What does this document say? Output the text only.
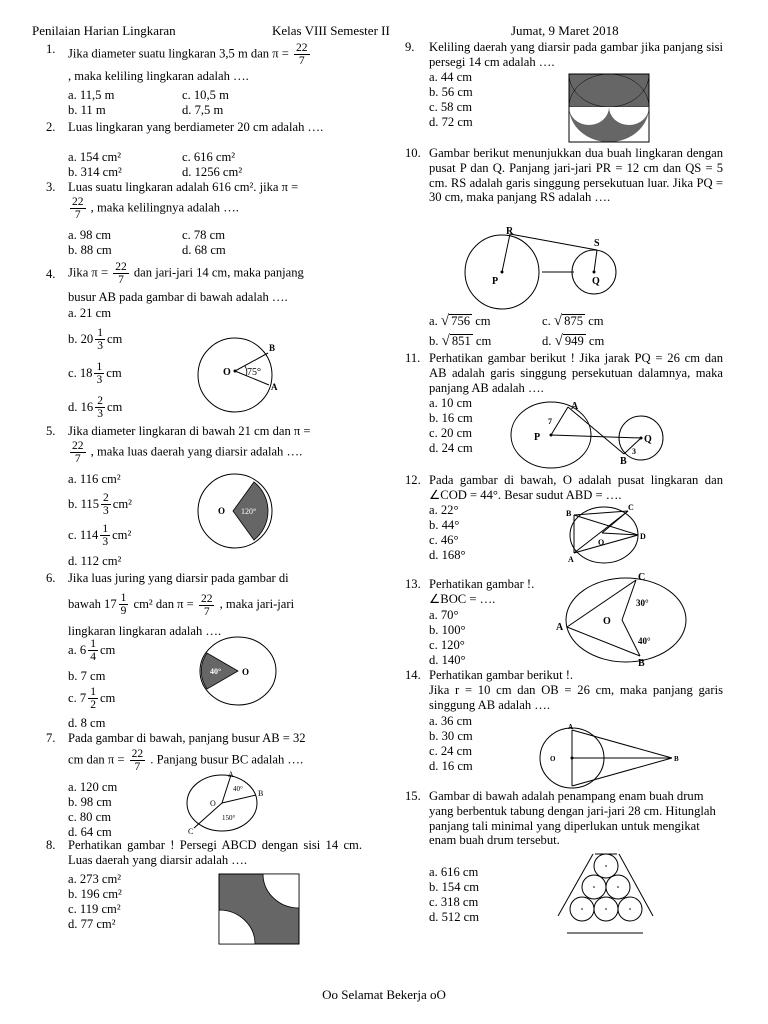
Penilaian Harian Lingkaran	Kelas VIII Semester II	Jumat, 9 Maret 2018
1. Jika diameter suatu lingkaran 3,5 m dan $\pi = \frac{22}{7}$
, maka keliling lingkaran adalah ….
a. 11,5 m	c. 10,5 m
b. 11 m	d. 7,5 m
2. Luas lingkaran yang berdiameter 20 cm adalah ….
a. 154 cm²	c. 616 cm²
b. 314 cm²	d. 1256 cm²
3. Luas suatu lingkaran adalah 616 cm². jika π =
$\frac{22}{7}$ , maka kelilingnya adalah ….
a. 98 cm	c. 78 cm
b. 88 cm	d. 68 cm
4. Jika $\pi = \frac{22}{7}$ dan jari-jari 14 cm, maka panjang
busur AB pada gambar di bawah adalah ….
a. 21 cm
b. $20 \frac{1}{3}$ cm
c. $18 \frac{1}{3}$ cm
d. $16 \frac{2}{3}$ cm
O 75°
B
A
5. Jika diameter lingkaran di bawah 21 cm dan π =
$\frac{22}{7}$ , maka luas daerah yang diarsir adalah ….
a. 116 cm²
b. $115 \frac{2}{3} cm^2$
c. $114 \frac{1}{3} cm^2$
d. 112 cm²
O 120°
6. Jika luas juring yang diarsir pada gambar di
bawah $17 \frac{1}{9} cm^2$ dan $\pi = \frac{22}{7}$ , maka jari-jari
lingkaran lingkaran adalah ….
a. $6 \frac{1}{4}$ cm
b. 7 cm
c. $7 \frac{1}{2}$ cm
d. 8 cm
40° O
7. Pada gambar di bawah, panjang busur AB = 32
cm dan $\pi = \frac{22}{7}$ . Panjang busur BC adalah ….
a. 120 cm
b. 98 cm
c. 80 cm
d. 64 cm
A
B
C
O
40°
150°
8. Perhatikan gambar ! Persegi ABCD dengan sisi 14 cm. Luas daerah yang diarsir adalah ….
a. 273 cm²
b. 196 cm²
c. 119 cm²
d. 77 cm²
9. Keliling daerah yang diarsir pada gambar jika panjang sisi persegi 14 cm adalah ….
a. 44 cm
b. 56 cm
c. 58 cm
d. 72 cm
10. Gambar berikut menunjukkan dua buah lingkaran dengan pusat P dan Q. Panjang jari-jari PR = 12 cm dan QS = 5 cm. RS adalah garis singgung persekutuan luar. Jika PQ = 30 cm, maka panjang RS adalah ….
a. √ 756 cm
b. √ 851 cm
c. √ 875 cm
d. √ 949 cm
R
S
P	Q
11. Perhatikan gambar berikut ! Jika jarak PQ = 26 cm dan AB adalah garis singgung persekutuan dalamnya, maka panjang AB adalah ….
a. 10 cm
b. 16 cm
c. 20 cm
d. 24 cm
A
B
P	Q
7
3
12. Pada gambar di bawah, O adalah pusat lingkaran dan ∠COD = 44°. Besar sudut ABD = ….
a. 22°
b. 44°
c. 46°
d. 168°
B
C
D
A
O
13. Perhatikan gambar !.
∠BOC = ….
a. 70°
b. 100°
c. 120°
d. 140°
C
A
B
O
30°
40°
14. Perhatikan gambar berikut !.
Jika r = 10 cm dan OB = 26 cm, maka panjang garis singgung AB adalah ….
a. 36 cm
b. 30 cm
c. 24 cm
d. 16 cm
A
B
O
15. Gambar di bawah adalah penampang enam buah drum yang berbentuk tabung dengan jari-jari 28 cm. Hitunglah panjang tali minimal yang diperlukan untuk mengikat enam buah drum tersebut.
a. 616 cm
b. 154 cm
c. 318 cm
d. 512 cm
Oo Selamat Bekerja oO
